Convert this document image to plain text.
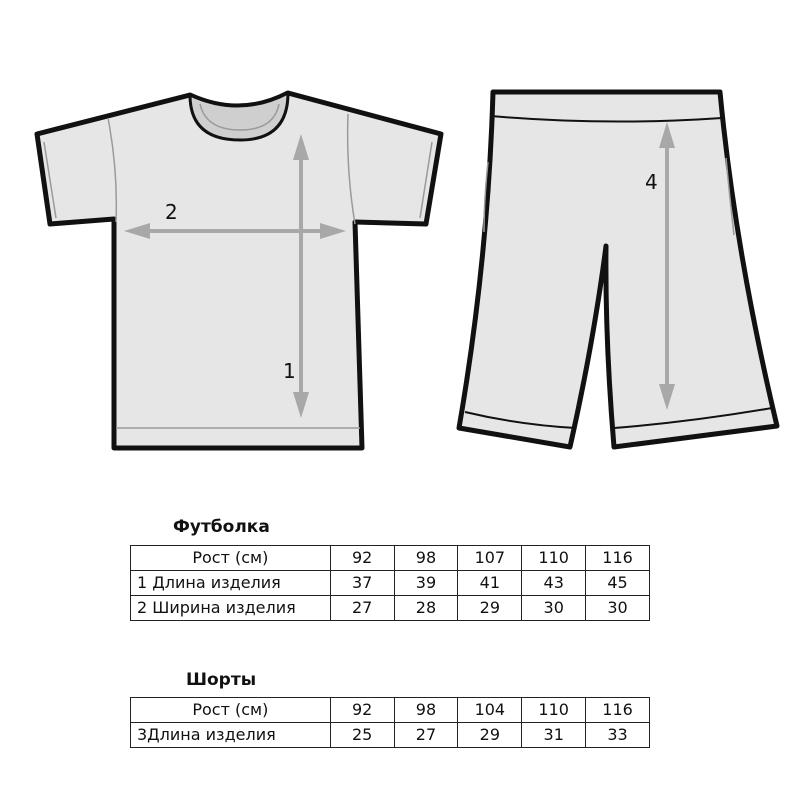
1
2
4
Футболка
Рост (см)	92	98	107	110	116
1 Длина изделия	37	39	41	43	45
2 Ширина изделия	27	28	29	30	30
Шорты
Рост (см)	92	98	104	110	116
3Длина изделия	25	27	29	31	33
